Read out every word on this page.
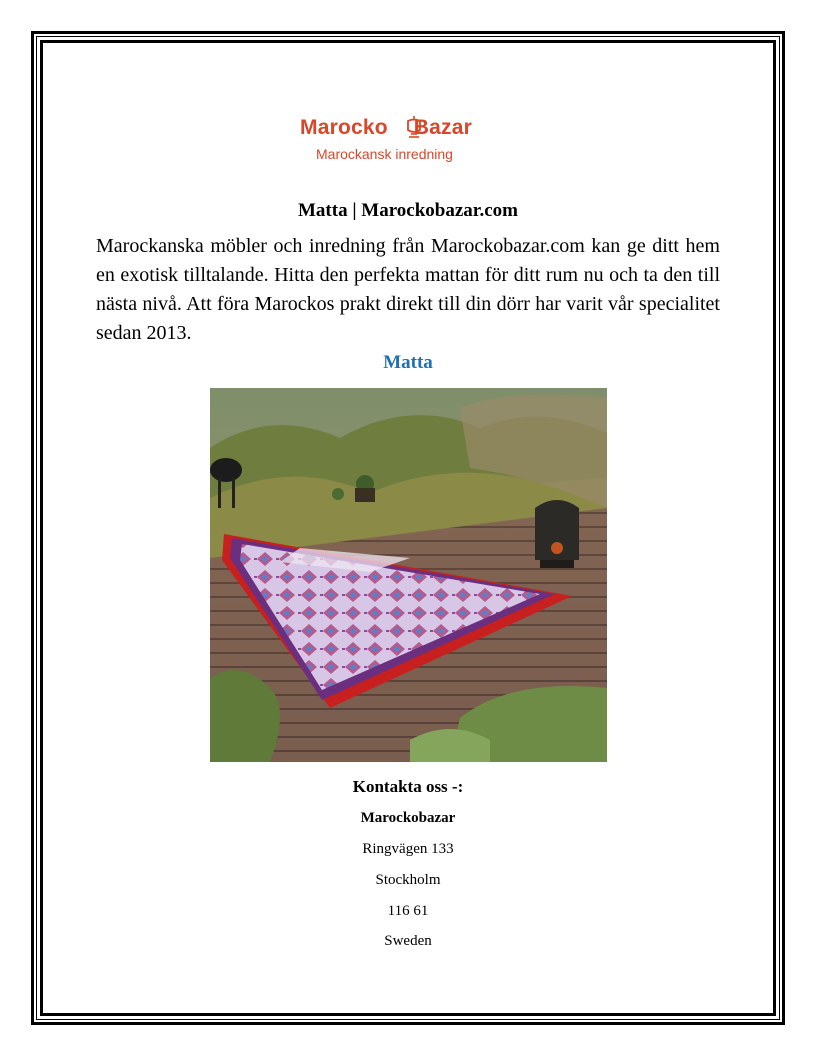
Marocko Bazar
Marockansk inredning
Matta | Marockobazar.com
Marockanska möbler och inredning från Marockobazar.com kan ge ditt hem en exotisk tilltalande. Hitta den perfekta mattan för ditt rum nu och ta den till nästa nivå. Att föra Marockos prakt direkt till din dörr har varit vår specialitet sedan 2013.
Matta
Kontakta oss -:
Marockobazar
Ringvägen 133
Stockholm
116 61
Sweden
